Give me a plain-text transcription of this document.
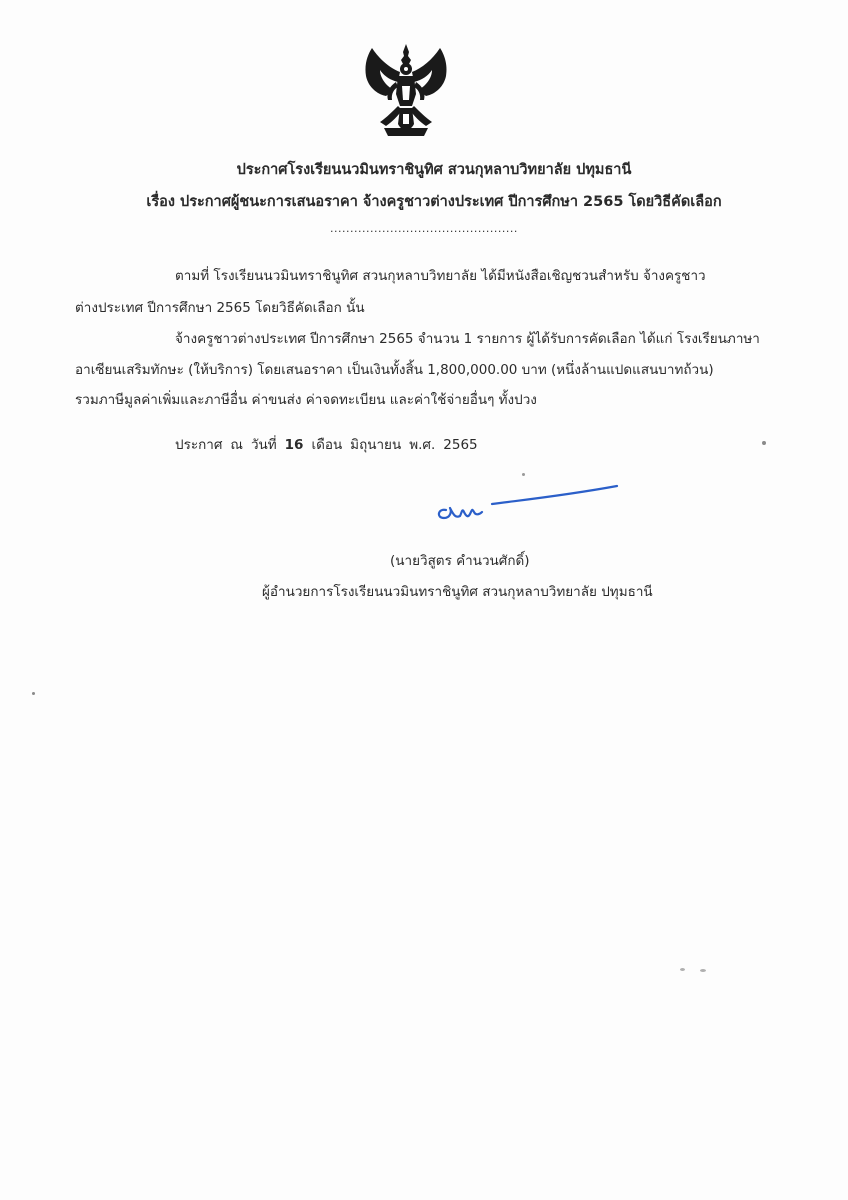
ประกาศโรงเรียนนวมินทราชินูทิศ สวนกุหลาบวิทยาลัย ปทุมธานี
เรื่อง ประกาศผู้ชนะการเสนอราคา จ้างครูชาวต่างประเทศ ปีการศึกษา 2565 โดยวิธีคัดเลือก
...............................................
ตามที่ โรงเรียนนวมินทราชินูทิศ สวนกุหลาบวิทยาลัย ได้มีหนังสือเชิญชวนสำหรับ จ้างครูชาว
ต่างประเทศ ปีการศึกษา 2565 โดยวิธีคัดเลือก นั้น
จ้างครูชาวต่างประเทศ ปีการศึกษา 2565 จำนวน 1 รายการ ผู้ได้รับการคัดเลือก ได้แก่ โรงเรียนภาษา
อาเซียนเสริมทักษะ (ให้บริการ) โดยเสนอราคา เป็นเงินทั้งสิ้น 1,800,000.00 บาท (หนึ่งล้านแปดแสนบาทถ้วน)
รวมภาษีมูลค่าเพิ่มและภาษีอื่น ค่าขนส่ง ค่าจดทะเบียน และค่าใช้จ่ายอื่นๆ ทั้งปวง
ประกาศ ณ วันที่ 16 เดือน มิถุนายน พ.ศ. 2565
(นายวิสูตร คำนวนศักดิ์)
ผู้อำนวยการโรงเรียนนวมินทราชินูทิศ สวนกุหลาบวิทยาลัย ปทุมธานี
